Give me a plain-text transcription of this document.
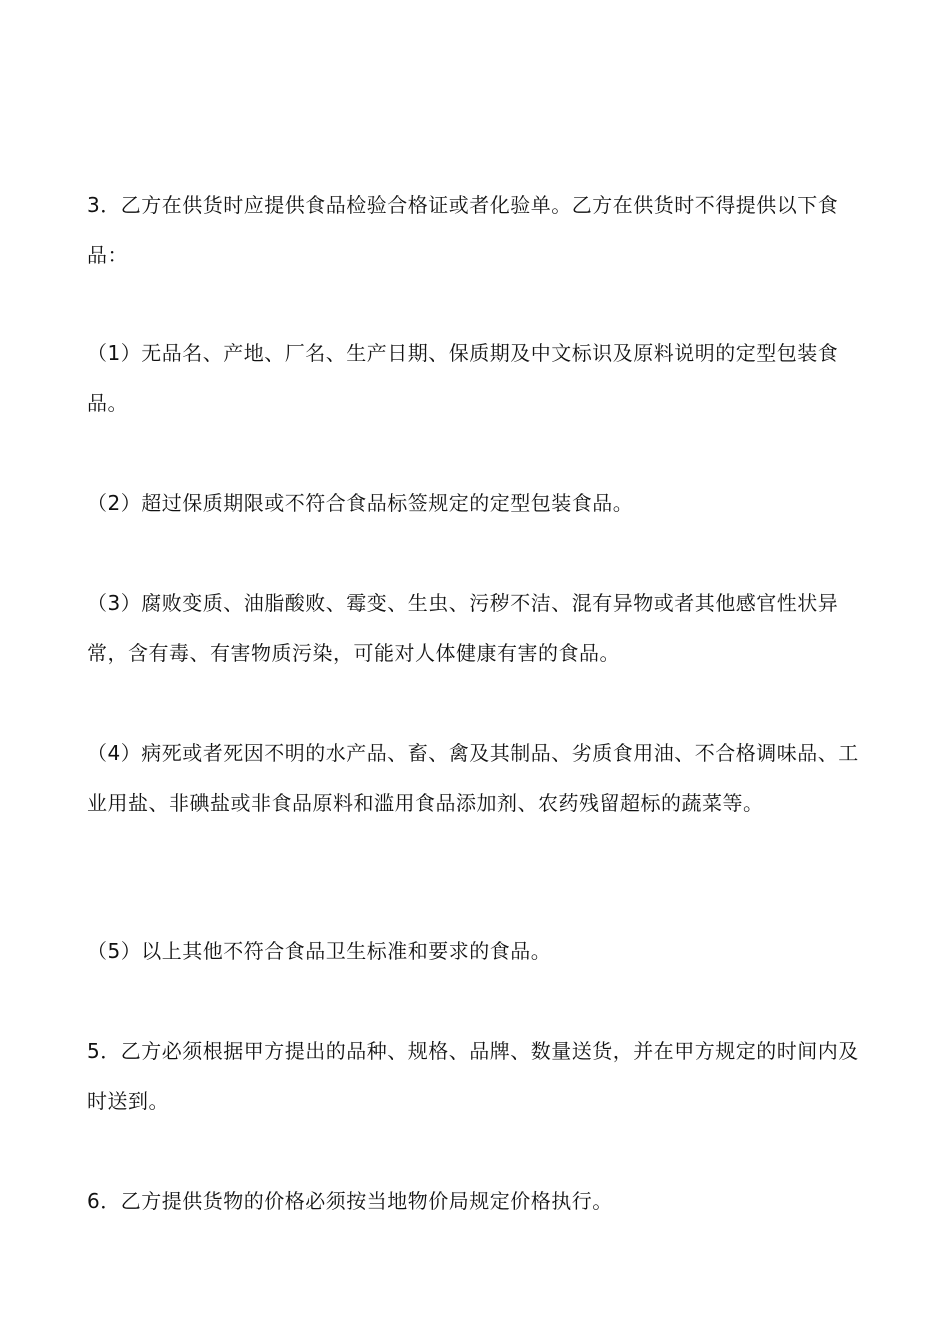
3．乙方在供货时应提供食品检验合格证或者化验单。乙方在供货时不得提供以下食品：

（1）无品名、产地、厂名、生产日期、保质期及中文标识及原料说明的定型包装食品。

（2）超过保质期限或不符合食品标签规定的定型包装食品。

（3）腐败变质、油脂酸败、霉变、生虫、污秽不洁、混有异物或者其他感官性状异常，含有毒、有害物质污染，可能对人体健康有害的食品。

（4）病死或者死因不明的水产品、畜、禽及其制品、劣质食用油、不合格调味品、工业用盐、非碘盐或非食品原料和滥用食品添加剂、农药残留超标的蔬菜等。

（5）以上其他不符合食品卫生标准和要求的食品。

5．乙方必须根据甲方提出的品种、规格、品牌、数量送货，并在甲方规定的时间内及时送到。

6．乙方提供货物的价格必须按当地物价局规定价格执行。
